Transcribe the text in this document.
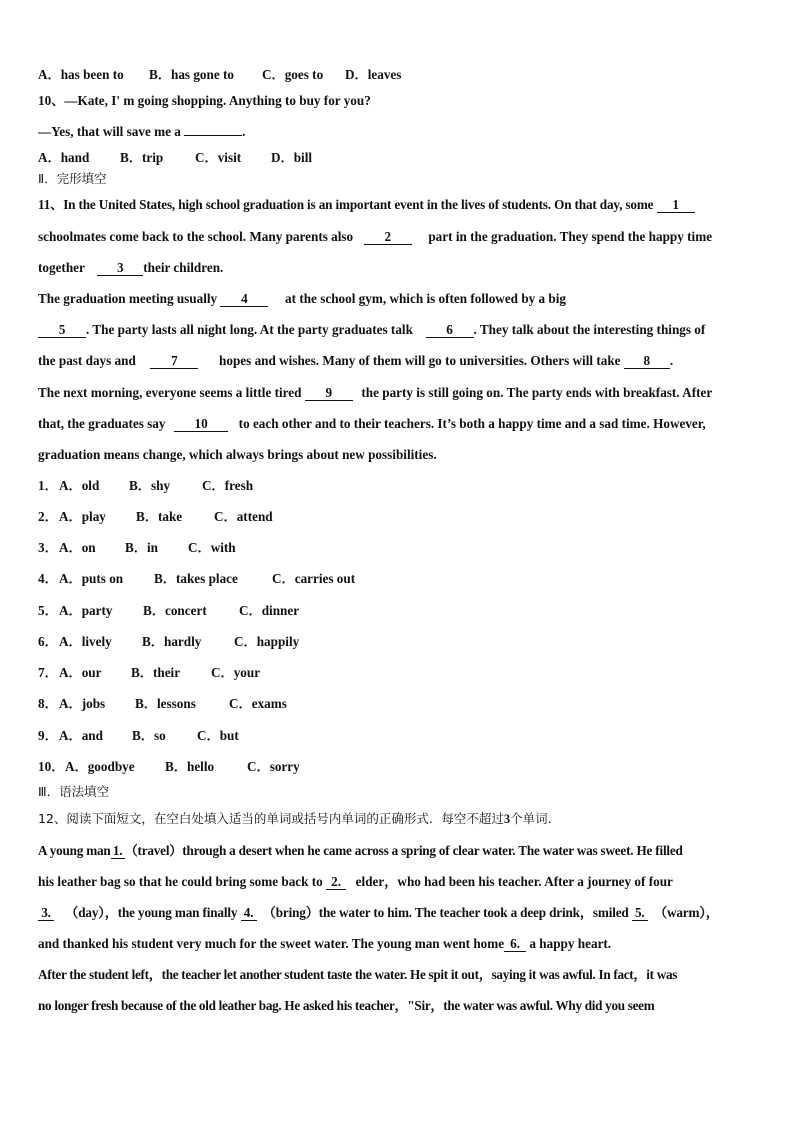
A．has been to B．has gone to C．goes to D．leaves
10、—Kate, I' m going shopping. Anything to buy for you?
—Yes, that will save me a	.
A．hand B．trip C．visit D．bill
Ⅱ．完形填空
11、In the United States, high school graduation is an important event in the lives of students. On that day, some 1
schoolmates come back to the school. Many parents also 2	part in the graduation. They spend the happy time
together 3 their children.
The graduation meeting usually 4	at the school gym, which is often followed by a big
5 . The party lasts all night long. At the party graduates talk	6 . They talk about the interesting things of
the past days and	7	hopes and wishes. Many of them will go to universities. Others will take 8 .
The next morning, everyone seems a little tired 9 the party is still going on. The party ends with breakfast. After
that, the graduates say 10 to each other and to their teachers. It’s both a happy time and a sad time. However,
graduation means change, which always brings about new possibilities.
1．A．old B．shy C．fresh
2．A．play B．take C．attend
3．A．on B．in C．with
4．A．puts on B．takes place	C．carries out
5．A．party B．concert C．dinner
6．A．lively B．hardly C．happily
7．A．our B．their C．your
8．A．jobs B．lessons	C．exams
9．A．and B．so C．but
10．A．goodbye B．hello C．sorry
Ⅲ．语法填空
12、阅读下面短文，在空白处填入适当的单词或括号内单词的正确形式．每空不超过3个单词．
A young man 1. （travel）through a desert when he came across a spring of clear water. The water was sweet. He filled
his leather bag so that he could bring some back to 2. elder，who had been his teacher. After a journey of four
3. （day），the young man finally 4. （bring）the water to him. The teacher took a deep drink，smiled 5. （warm），
and thanked his student very much for the sweet water. The young man went home 6. a happy heart.
After the student left，the teacher let another student taste the water. He spit it out，saying it was awful. In fact，it was
no longer fresh because of the old leather bag. He asked his teacher，"Sir，the water was awful. Why did you seem
